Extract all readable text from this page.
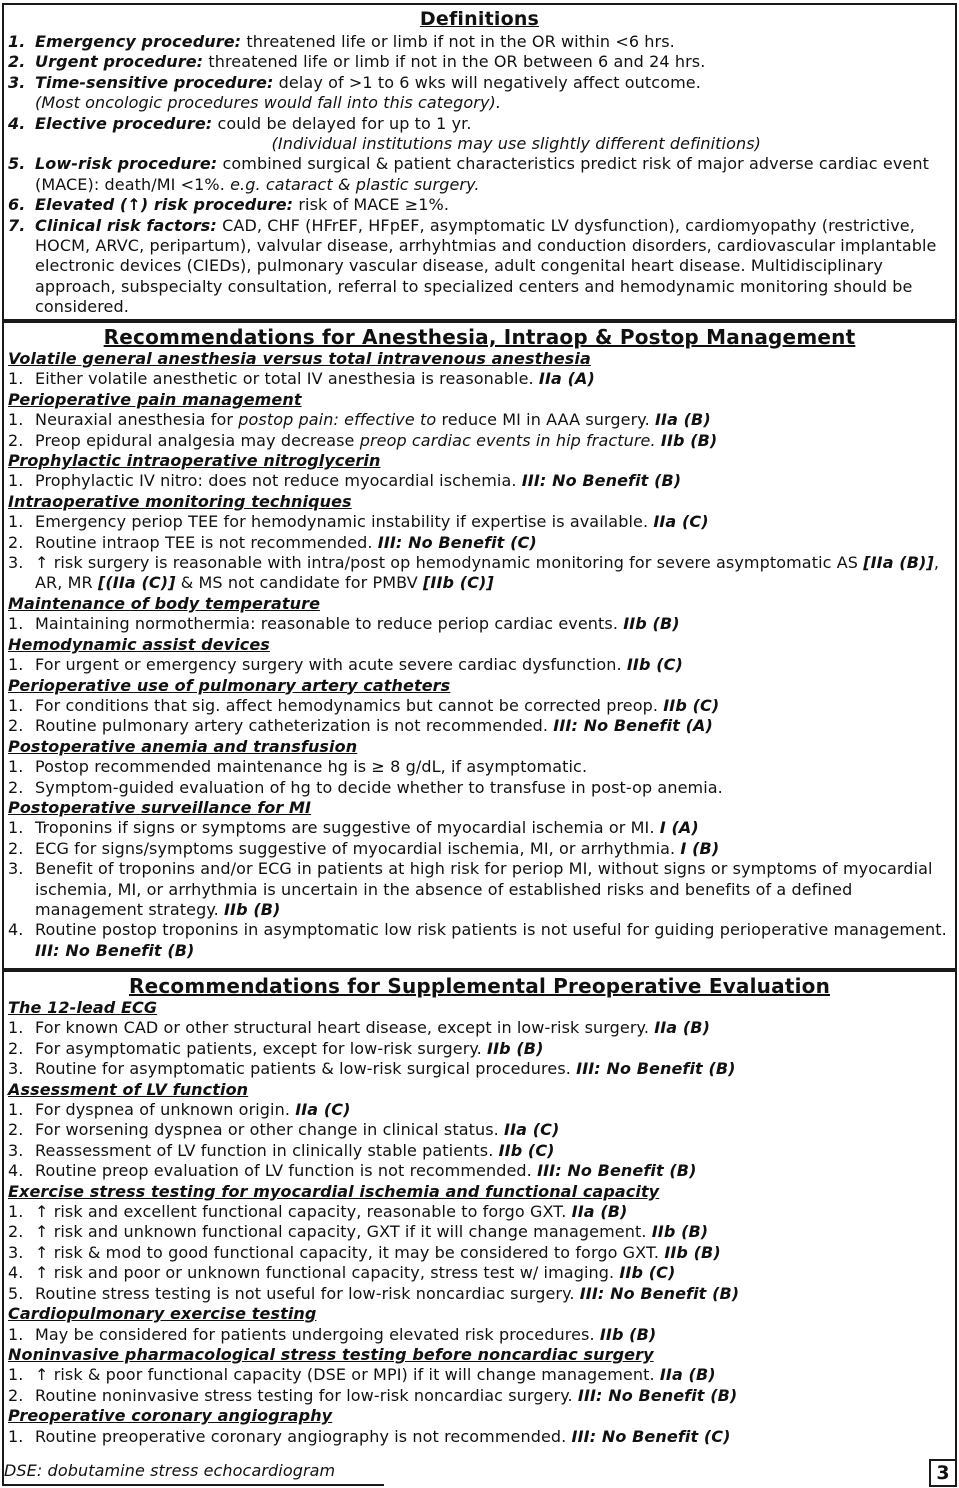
Definitions
1. Emergency procedure: threatened life or limb if not in the OR within <6 hrs.
2. Urgent procedure: threatened life or limb if not in the OR between 6 and 24 hrs.
3. Time-sensitive procedure: delay of >1 to 6 wks will negatively affect outcome.
(Most oncologic procedures would fall into this category).
4. Elective procedure: could be delayed for up to 1 yr.
(Individual institutions may use slightly different definitions)
5. Low-risk procedure: combined surgical & patient characteristics predict risk of major adverse cardiac event (MACE): death/MI <1%. e.g. cataract & plastic surgery.
6. Elevated (↑) risk procedure: risk of MACE ≥1%.
7. Clinical risk factors: CAD, CHF (HFrEF, HFpEF, asymptomatic LV dysfunction), cardiomyopathy (restrictive, HOCM, ARVC, peripartum), valvular disease, arrhyhtmias and conduction disorders, cardiovascular implantable electronic devices (CIEDs), pulmonary vascular disease, adult congenital heart disease. Multidisciplinary approach, subspecialty consultation, referral to specialized centers and hemodynamic monitoring should be considered.
Recommendations for Anesthesia, Intraop & Postop Management
Volatile general anesthesia versus total intravenous anesthesia
1. Either volatile anesthetic or total IV anesthesia is reasonable. IIa (A)
Perioperative pain management
1. Neuraxial anesthesia for postop pain: effective to reduce MI in AAA surgery. IIa (B)
2. Preop epidural analgesia may decrease preop cardiac events in hip fracture. IIb (B)
Prophylactic intraoperative nitroglycerin
1. Prophylactic IV nitro: does not reduce myocardial ischemia. III: No Benefit (B)
Intraoperative monitoring techniques
1. Emergency periop TEE for hemodynamic instability if expertise is available. IIa (C)
2. Routine intraop TEE is not recommended. III: No Benefit (C)
3. ↑ risk surgery is reasonable with intra/post op hemodynamic monitoring for severe asymptomatic AS [IIa (B)], AR, MR [(IIa (C)] & MS not candidate for PMBV [IIb (C)]
Maintenance of body temperature
1. Maintaining normothermia: reasonable to reduce periop cardiac events. IIb (B)
Hemodynamic assist devices
1. For urgent or emergency surgery with acute severe cardiac dysfunction. IIb (C)
Perioperative use of pulmonary artery catheters
1. For conditions that sig. affect hemodynamics but cannot be corrected preop. IIb (C)
2. Routine pulmonary artery catheterization is not recommended. III: No Benefit (A)
Postoperative anemia and transfusion
1. Postop recommended maintenance hg is ≥ 8 g/dL, if asymptomatic.
2. Symptom-guided evaluation of hg to decide whether to transfuse in post-op anemia.
Postoperative surveillance for MI
1. Troponins if signs or symptoms are suggestive of myocardial ischemia or MI. I (A)
2. ECG for signs/symptoms suggestive of myocardial ischemia, MI, or arrhythmia. I (B)
3. Benefit of troponins and/or ECG in patients at high risk for periop MI, without signs or symptoms of myocardial ischemia, MI, or arrhythmia is uncertain in the absence of established risks and benefits of a defined management strategy. IIb (B)
4. Routine postop troponins in asymptomatic low risk patients is not useful for guiding perioperative management. III: No Benefit (B)
Recommendations for Supplemental Preoperative Evaluation
The 12-lead ECG
1. For known CAD or other structural heart disease, except in low-risk surgery. IIa (B)
2. For asymptomatic patients, except for low-risk surgery. IIb (B)
3. Routine for asymptomatic patients & low-risk surgical procedures. III: No Benefit (B)
Assessment of LV function
1. For dyspnea of unknown origin. IIa (C)
2. For worsening dyspnea or other change in clinical status. IIa (C)
3. Reassessment of LV function in clinically stable patients. IIb (C)
4. Routine preop evaluation of LV function is not recommended. III: No Benefit (B)
Exercise stress testing for myocardial ischemia and functional capacity
1. ↑ risk and excellent functional capacity, reasonable to forgo GXT. IIa (B)
2. ↑ risk and unknown functional capacity, GXT if it will change management. IIb (B)
3. ↑ risk & mod to good functional capacity, it may be considered to forgo GXT. IIb (B)
4. ↑ risk and poor or unknown functional capacity, stress test w/ imaging. IIb (C)
5. Routine stress testing is not useful for low-risk noncardiac surgery. III: No Benefit (B)
Cardiopulmonary exercise testing
1. May be considered for patients undergoing elevated risk procedures. IIb (B)
Noninvasive pharmacological stress testing before noncardiac surgery
1. ↑ risk & poor functional capacity (DSE or MPI) if it will change management. IIa (B)
2. Routine noninvasive stress testing for low-risk noncardiac surgery. III: No Benefit (B)
Preoperative coronary angiography
1. Routine preoperative coronary angiography is not recommended. III: No Benefit (C)
DSE: dobutamine stress echocardiogram	3
